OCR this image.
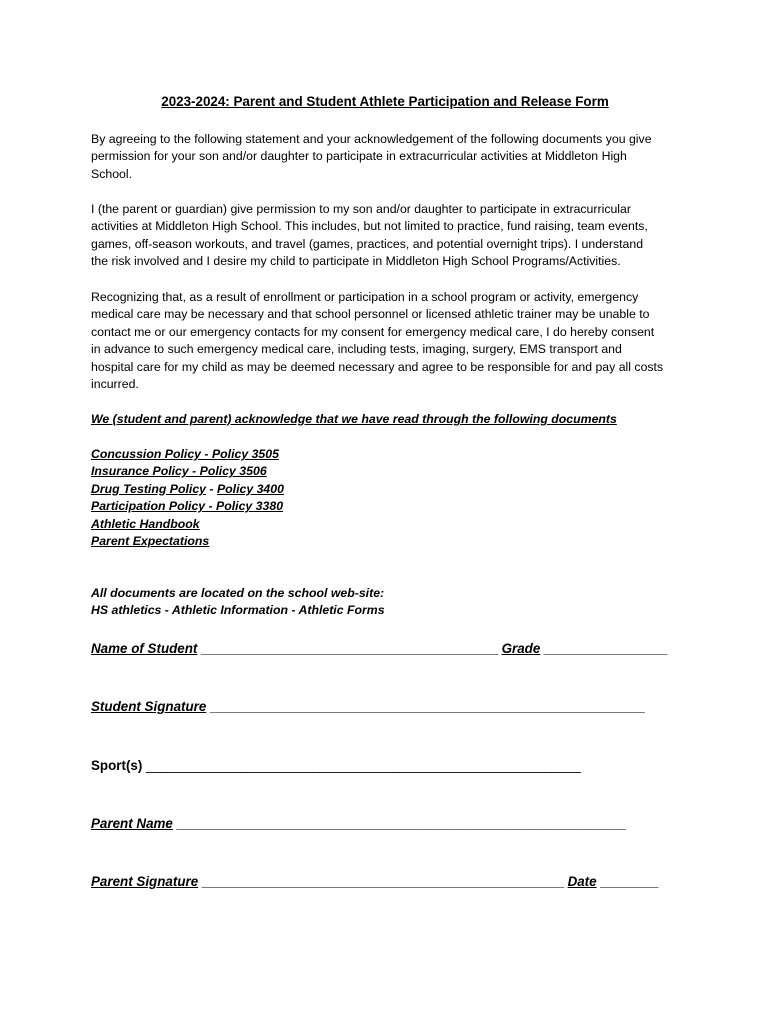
2023-2024: Parent and Student Athlete Participation and Release Form
By agreeing to the following statement and your acknowledgement of the following documents you give
permission for your son and/or daughter to participate in extracurricular activities at Middleton High
School.
I (the parent or guardian) give permission to my son and/or daughter to participate in extracurricular
activities at Middleton High School. This includes, but not limited to practice, fund raising, team events,
games, off-season workouts, and travel (games, practices, and potential overnight trips). I understand
the risk involved and I desire my child to participate in Middleton High School Programs/Activities.
Recognizing that, as a result of enrollment or participation in a school program or activity, emergency
medical care may be necessary and that school personnel or licensed athletic trainer may be unable to
contact me or our emergency contacts for my consent for emergency medical care, I do hereby consent
in advance to such emergency medical care, including tests, imaging, surgery, EMS transport and
hospital care for my child as may be deemed necessary and agree to be responsible for and pay all costs
incurred.
We (student and parent) acknowledge that we have read through the following documents
Concussion Policy - Policy 3505
Insurance Policy - Policy 3506
Drug Testing Policy - Policy 3400
Participation Policy - Policy 3380
Athletic Handbook
Parent Expectations
All documents are located on the school web-site:
HS athletics - Athletic Information - Athletic Forms
Name of Student _________________________________________ Grade _________________
Student Signature ____________________________________________________________
Sport(s) ____________________________________________________________
Parent Name ______________________________________________________________
Parent Signature __________________________________________________ Date ________
